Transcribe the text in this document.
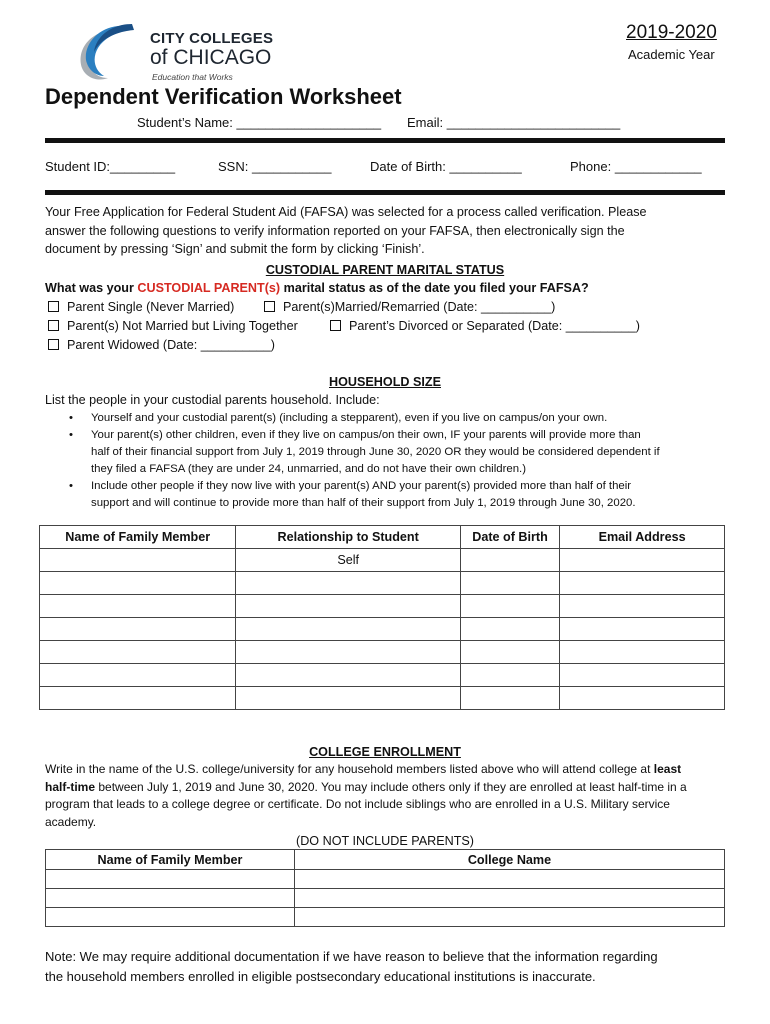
CITY COLLEGES
of CHICAGO
Education that Works
2019-2020
Academic Year
Dependent Verification Worksheet
Student’s Name: ____________________ Email: ________________________
Student ID:_________	SSN: ___________	Date of Birth: __________	Phone: ____________
Your Free Application for Federal Student Aid (FAFSA) was selected for a process called verification. Please
answer the following questions to verify information reported on your FAFSA, then electronically sign the
document by pressing ‘Sign’ and submit the form by clicking ‘Finish’.
CUSTODIAL PARENT MARITAL STATUS
What was your CUSTODIAL PARENT(s) marital status as of the date you filed your FAFSA?
Parent Single (Never Married)	Parent(s)Married/Remarried (Date: __________)
Parent(s) Not Married but Living Together	Parent’s Divorced or Separated (Date: __________)
Parent Widowed (Date: __________)
HOUSEHOLD SIZE
List the people in your custodial parents household. Include:
• Yourself and your custodial parent(s) (including a stepparent), even if you live on campus/on your own.
• Your parent(s) other children, even if they live on campus/on their own, IF your parents will provide more than
half of their financial support from July 1, 2019 through June 30, 2020 OR they would be considered dependent if
they filed a FAFSA (they are under 24, unmarried, and do not have their own children.)
• Include other people if they now live with your parent(s) AND your parent(s) provided more than half of their
support and will continue to provide more than half of their support from July 1, 2019 through June 30, 2020.
Name of Family Member	Relationship to Student	Date of Birth	Email Address
	Self		

COLLEGE ENROLLMENT
Write in the name of the U.S. college/university for any household members listed above who will attend college at least
half-time between July 1, 2019 and June 30, 2020. You may include others only if they are enrolled at least half-time in a
program that leads to a college degree or certificate. Do not include siblings who are enrolled in a U.S. Military service
academy.
(DO NOT INCLUDE PARENTS)
Name of Family Member	College Name

Note: We may require additional documentation if we have reason to believe that the information regarding
the household members enrolled in eligible postsecondary educational institutions is inaccurate.
